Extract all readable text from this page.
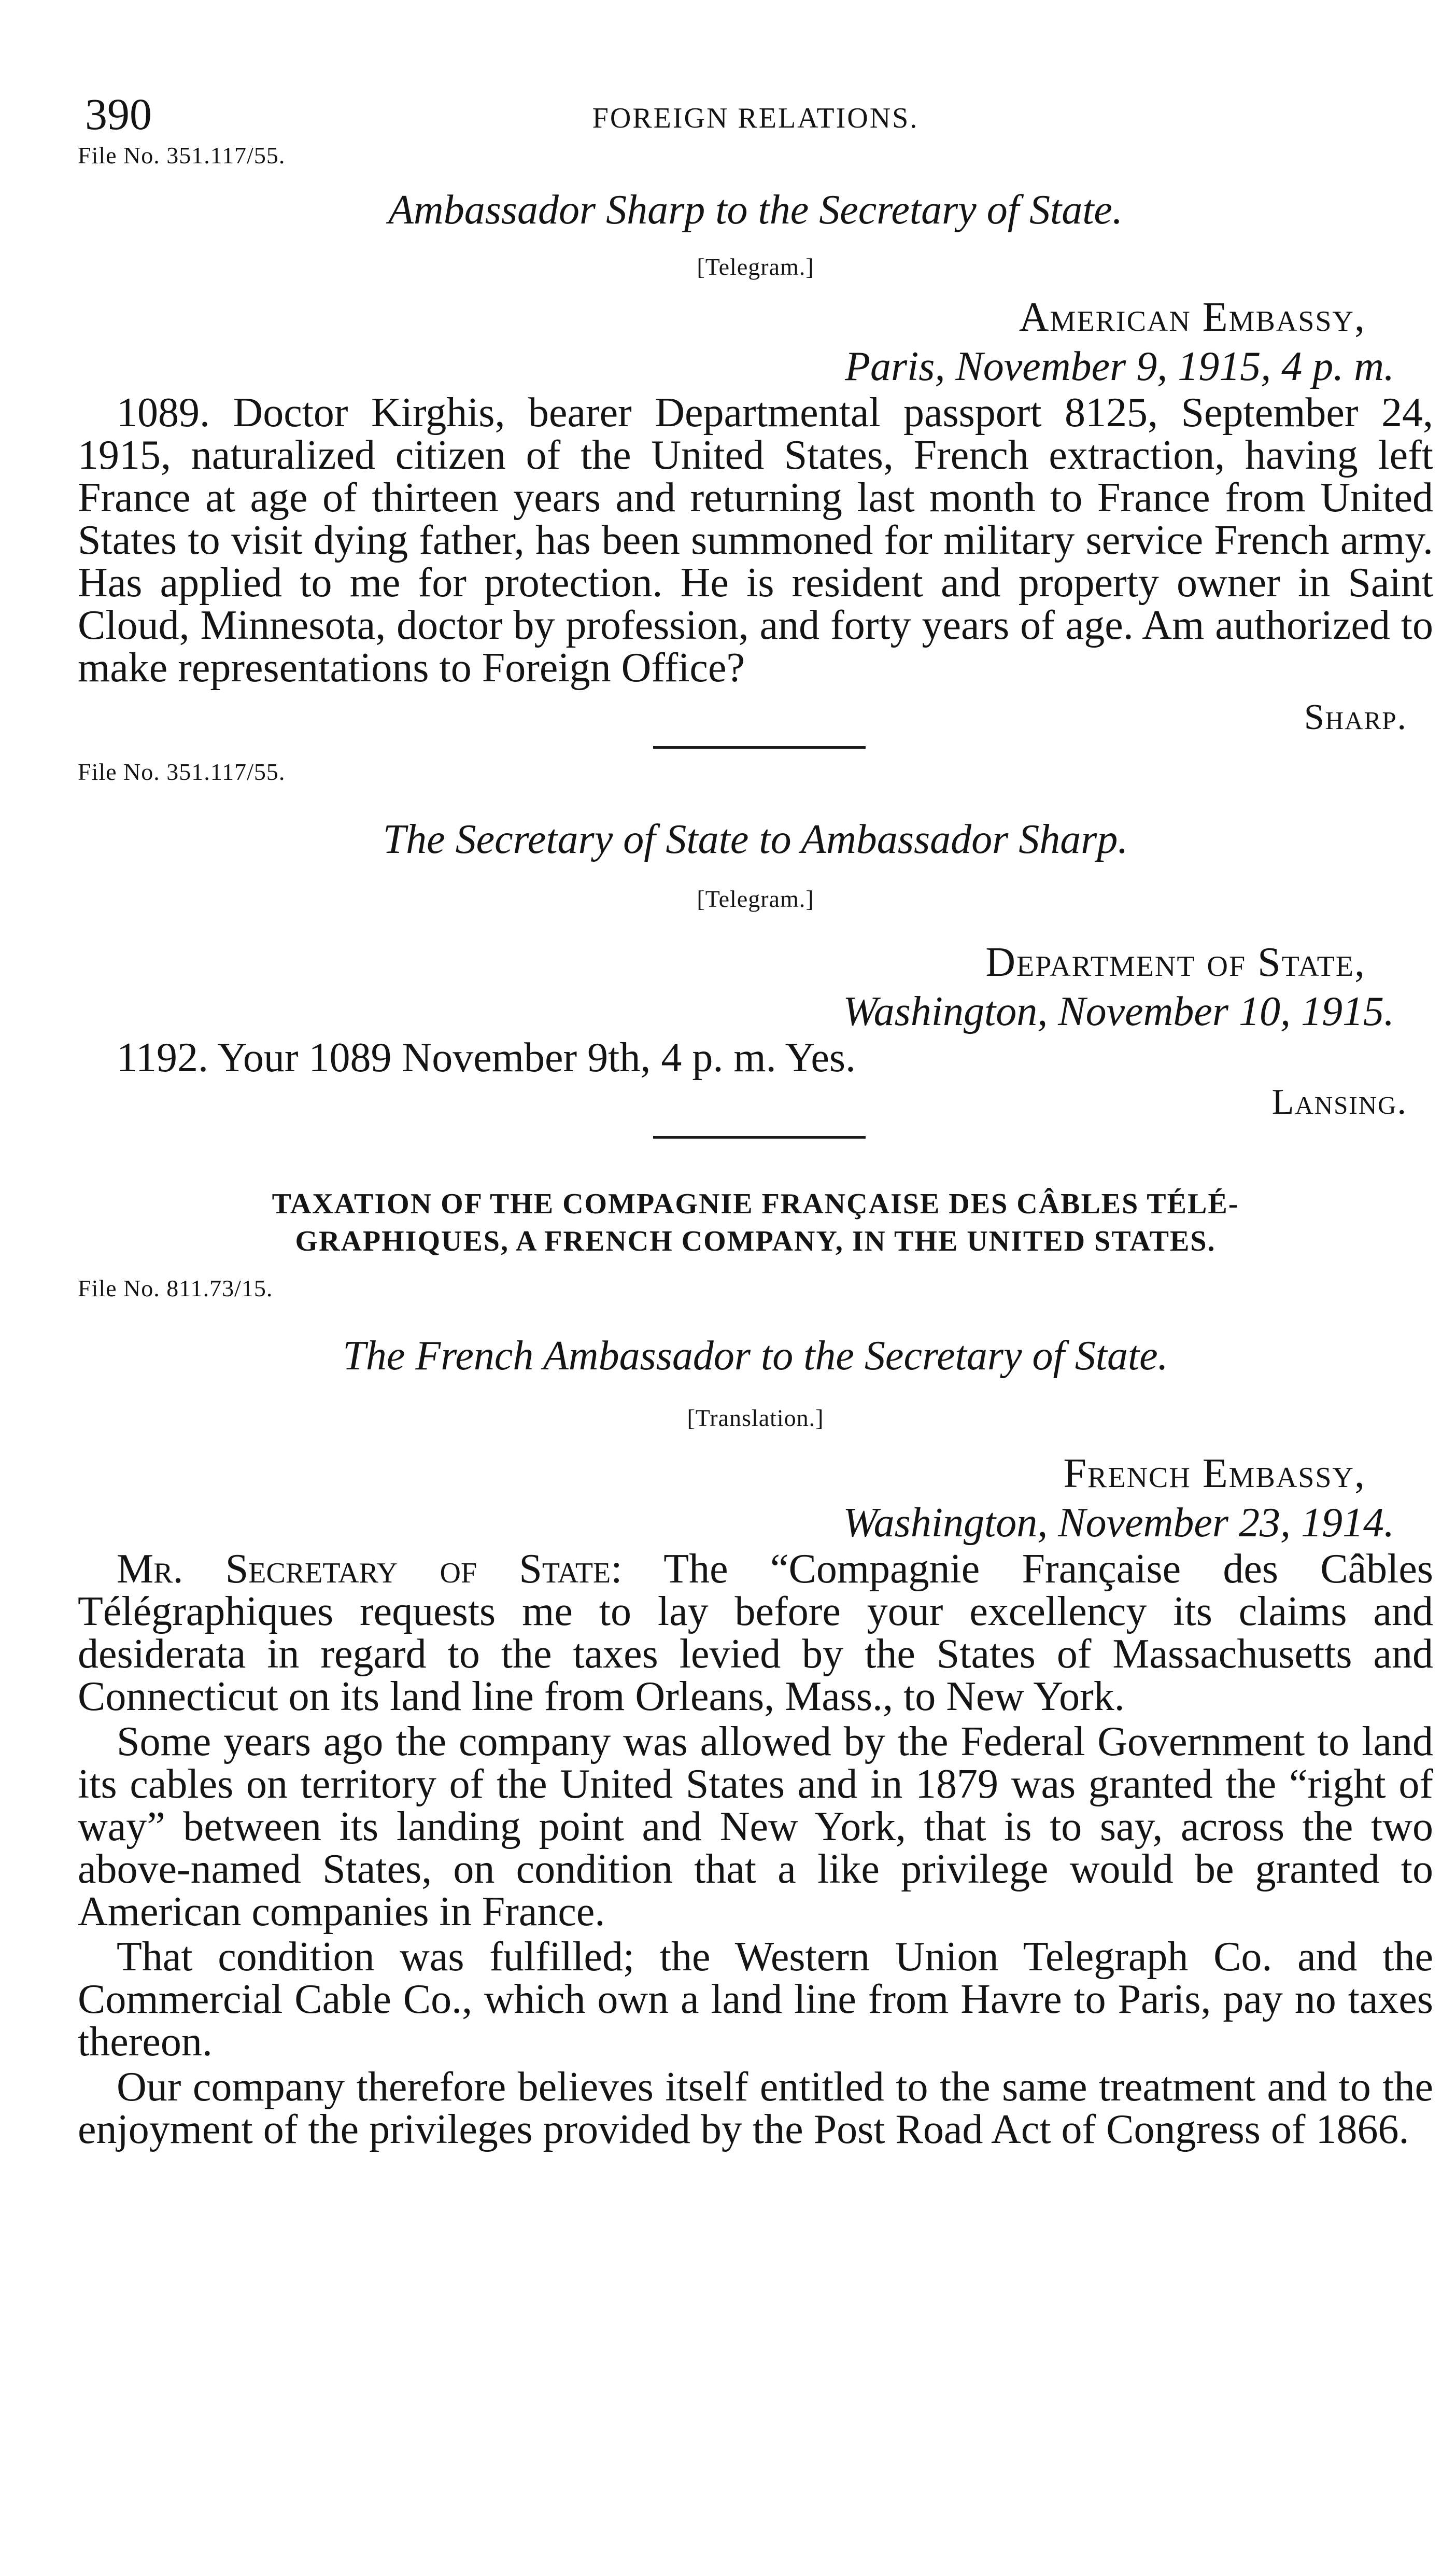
390	FOREIGN RELATIONS.

File No. 351.117/55.

Ambassador Sharp to the Secretary of State.

[Telegram.]

American Embassy,

Paris, November 9, 1915, 4 p. m.

1089. Doctor Kirghis, bearer Departmental passport 8125, September 24, 1915, naturalized citizen of the United States, French extraction, having left France at age of thirteen years and returning last month to France from United States to visit dying father, has been summoned for military service French army. Has applied to me for protection. He is resident and property owner in Saint Cloud, Minnesota, doctor by profession, and forty years of age. Am authorized to make representations to Foreign Office?

Sharp.

File No. 351.117/55.

The Secretary of State to Ambassador Sharp.

[Telegram.]

Department of State,

Washington, November 10, 1915.

1192. Your 1089 November 9th, 4 p. m. Yes.

Lansing.

TAXATION OF THE COMPAGNIE FRANÇAISE DES CÂBLES TÉLÉ-

GRAPHIQUES, A FRENCH COMPANY, IN THE UNITED STATES.

File No. 811.73/15.

The French Ambassador to the Secretary of State.

[Translation.]

French Embassy,

Washington, November 23, 1914.

Mr. Secretary of State: The “Compagnie Française des Câbles Télégraphiques requests me to lay before your excellency its claims and desiderata in regard to the taxes levied by the States of Massachusetts and Connecticut on its land line from Orleans, Mass., to New York.

Some years ago the company was allowed by the Federal Government to land its cables on territory of the United States and in 1879 was granted the “right of way” between its landing point and New York, that is to say, across the two above-named States, on condition that a like privilege would be granted to American companies in France.

That condition was fulfilled; the Western Union Telegraph Co. and the Commercial Cable Co., which own a land line from Havre to Paris, pay no taxes thereon.

Our company therefore believes itself entitled to the same treatment and to the enjoyment of the privileges provided by the Post Road Act of Congress of 1866.
